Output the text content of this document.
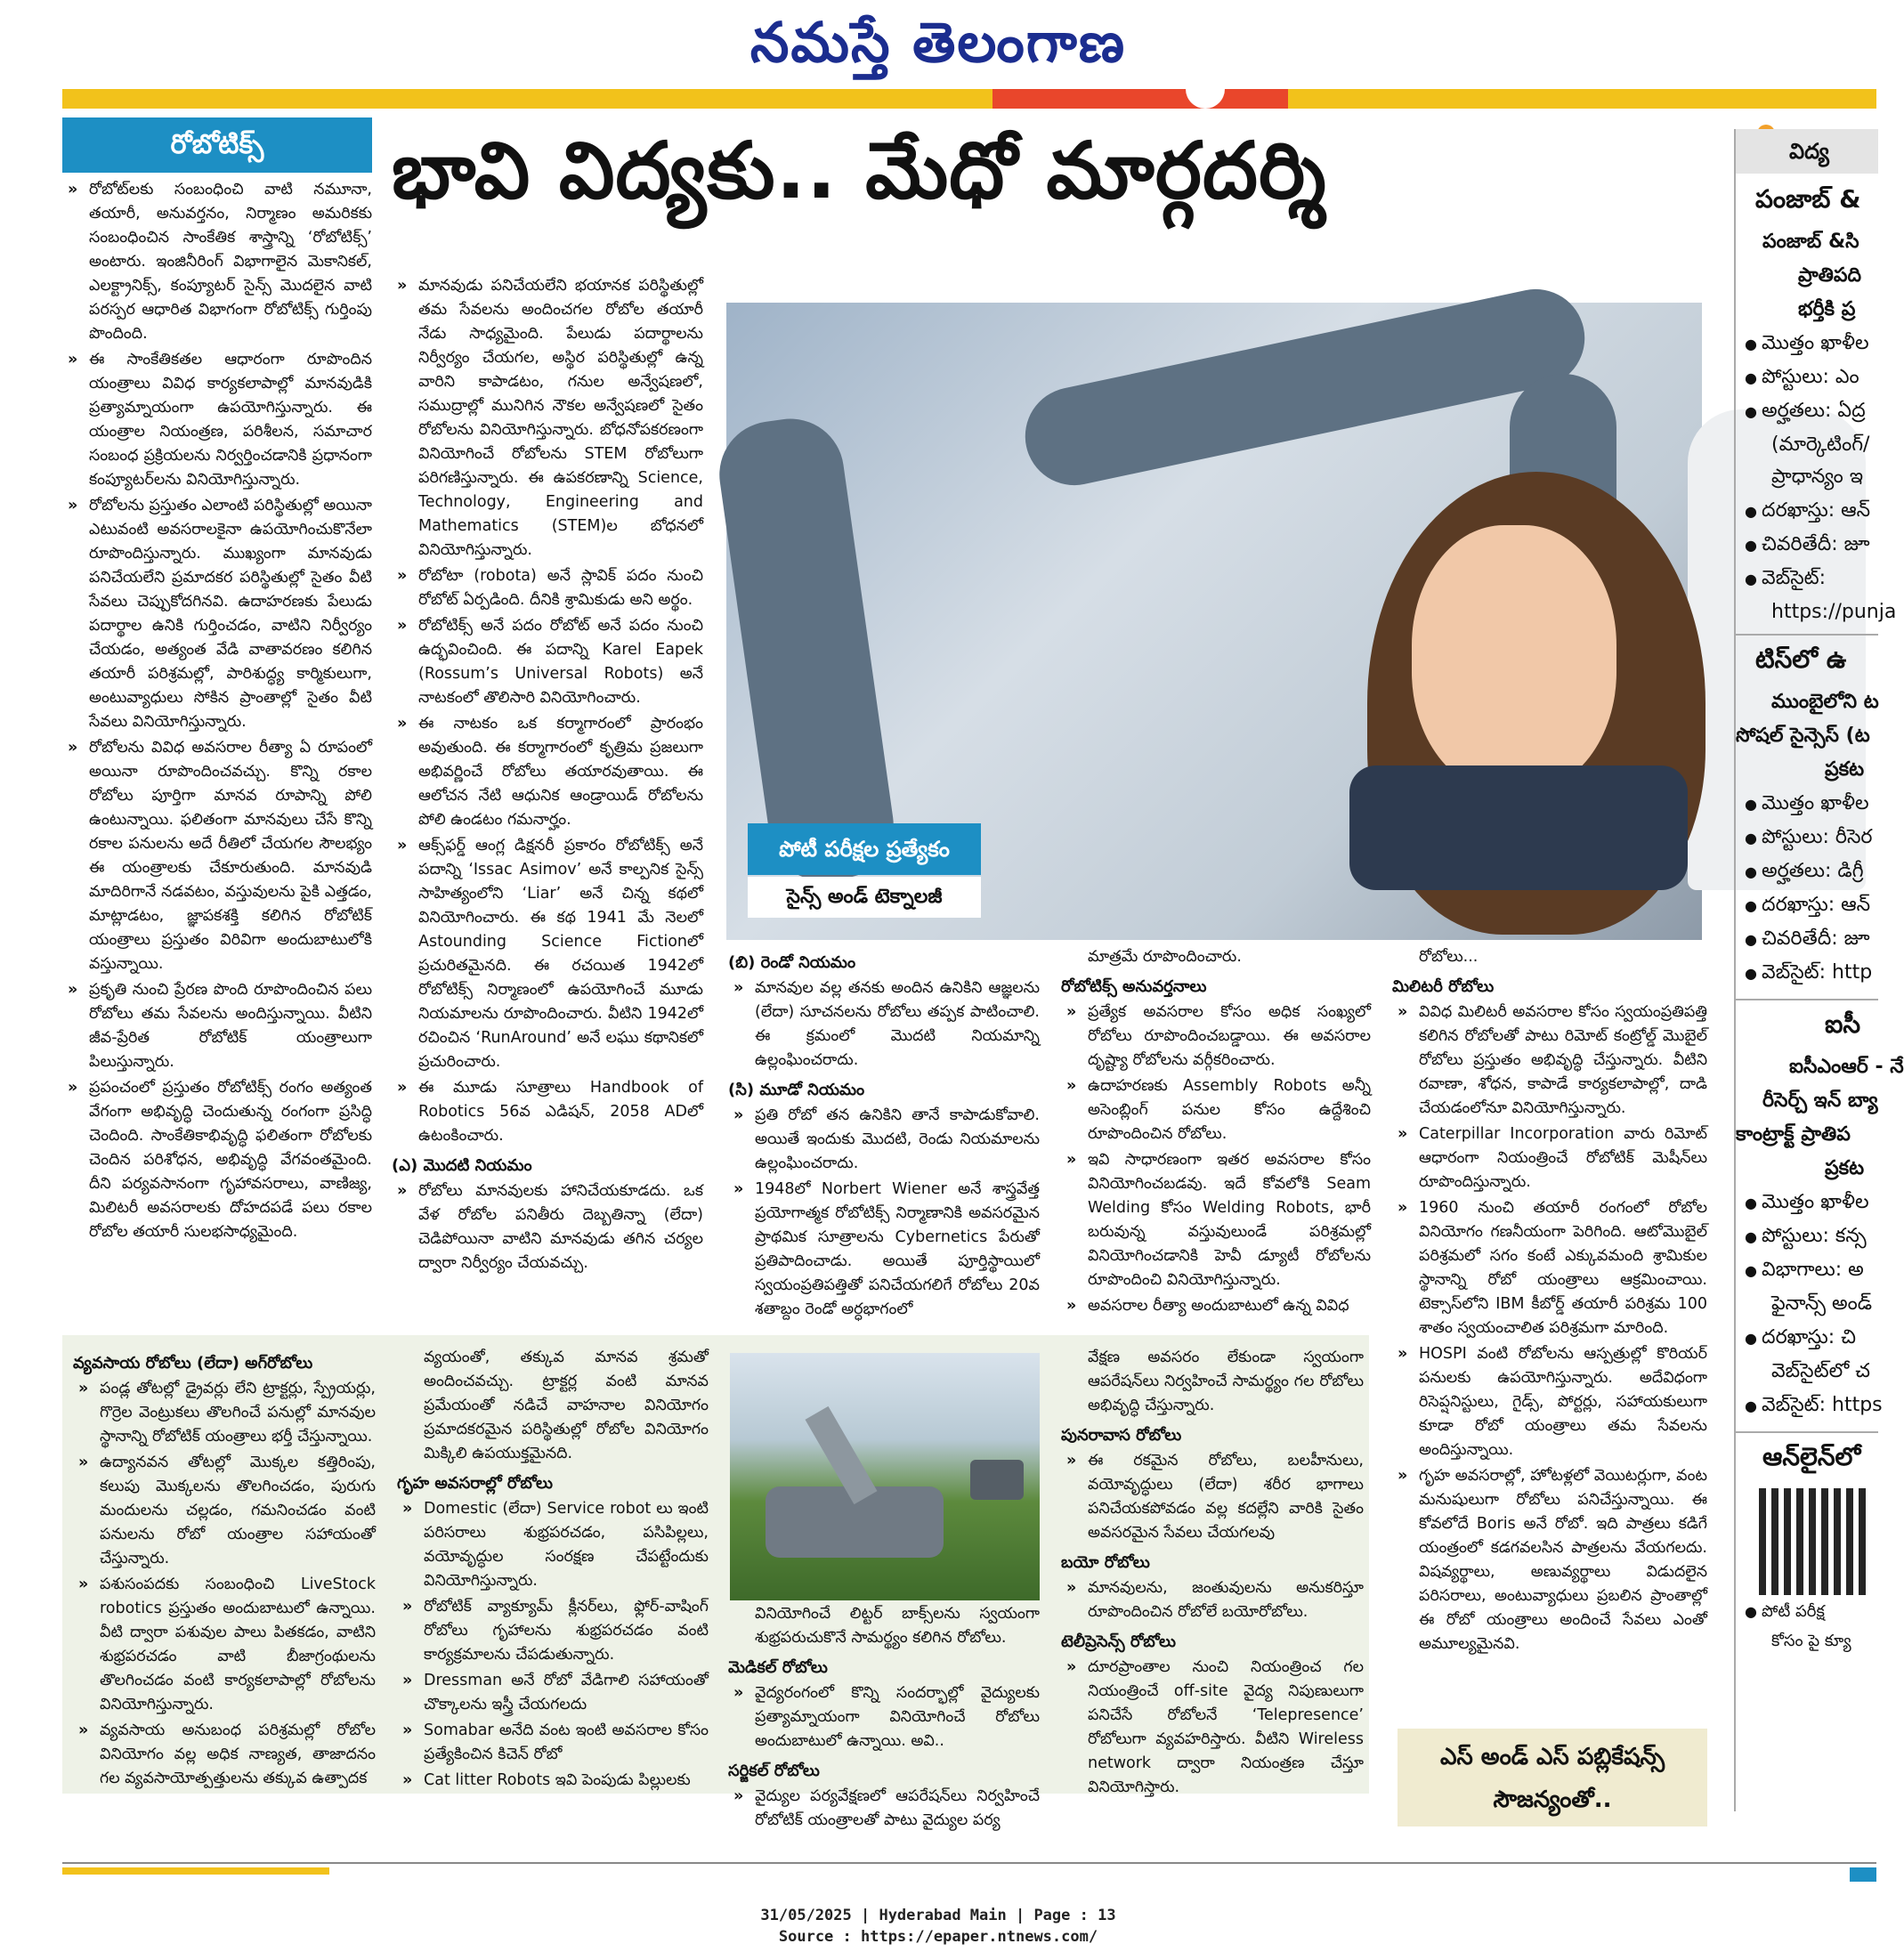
నమస్తే తెలంగాణ
రోబోటిక్స్	భావి విద్యకు.. మేధో మార్గదర్శి
» రోబోట్‌లకు సంబంధించి వాటి నమూనా, తయారీ, అనువర్తనం, నిర్మాణం అమరికకు సంబంధించిన సాంకేతిక శాస్త్రాన్ని ‘రోబోటిక్స్’ అంటారు. ఇంజినీరింగ్ విభాగాలైన మెకానికల్, ఎలక్ట్రానిక్స్, కంప్యూటర్ సైన్స్ మొదలైన వాటి పరస్పర ఆధారిత విభాగంగా రోబోటిక్స్ గుర్తింపు పొందింది.
» ఈ సాంకేతికతల ఆధారంగా రూపొందిన యంత్రాలు వివిధ కార్యకలాపాల్లో మానవుడికి ప్రత్యామ్నాయంగా ఉపయోగిస్తున్నారు. ఈ యంత్రాల నియంత్రణ, పరిశీలన, సమాచార సంబంధ ప్రక్రియలను నిర్వర్తించడానికి ప్రధానంగా కంప్యూటర్‌లను వినియోగిస్తున్నారు.
» రోబోలను ప్రస్తుతం ఎలాంటి పరిస్థితుల్లో అయినా ఎటువంటి అవసరాలకైనా ఉపయోగించుకొనేలా రూపొందిస్తున్నారు. ముఖ్యంగా మానవుడు పనిచేయలేని ప్రమాదకర పరిస్థితుల్లో సైతం వీటి సేవలు చెప్పుకోదగినవి. ఉదాహరణకు పేలుడు పదార్థాల ఉనికి గుర్తించడం, వాటిని నిర్వీర్యం చేయడం, అత్యంత వేడి వాతావరణం కలిగిన తయారీ పరిశ్రమల్లో, పారిశుద్ధ్య కార్మికులుగా, అంటువ్యాధులు సోకిన ప్రాంతాల్లో సైతం వీటి సేవలు వినియోగిస్తున్నారు.
» రోబోలను వివిధ అవసరాల రీత్యా ఏ రూపంలో అయినా రూపొందించవచ్చు. కొన్ని రకాల రోబోలు పూర్తిగా మానవ రూపాన్ని పోలి ఉంటున్నాయి. ఫలితంగా మానవులు చేసే కొన్ని రకాల పనులను అదే రీతిలో చేయగల సౌలభ్యం ఈ యంత్రాలకు చేకూరుతుంది. మానవుడి మాదిరిగానే నడవటం, వస్తువులను పైకి ఎత్తడం, మాట్లాడటం, జ్ఞాపకశక్తి కలిగిన రోబోటిక్ యంత్రాలు ప్రస్తుతం విరివిగా అందుబాటులోకి వస్తున్నాయి.
» ప్రకృతి నుంచి ప్రేరణ పొంది రూపొందించిన పలు రోబోలు తమ సేవలను అందిస్తున్నాయి. వీటిని జీవ-ప్రేరిత రోబోటిక్ యంత్రాలుగా పిలుస్తున్నారు.
» ప్రపంచంలో ప్రస్తుతం రోబోటిక్స్ రంగం అత్యంత వేగంగా అభివృద్ధి చెందుతున్న రంగంగా ప్రసిద్ధి చెందింది. సాంకేతికాభివృద్ధి ఫలితంగా రోబోలకు చెందిన పరిశోధన, అభివృద్ధి వేగవంతమైంది. దీని పర్యవసానంగా గృహావసరాలు, వాణిజ్య, మిలిటరీ అవసరాలకు దోహదపడే పలు రకాల రోబోల తయారీ సులభసాధ్యమైంది.
» మానవుడు పనిచేయలేని భయానక పరిస్థితుల్లో తమ సేవలను అందించగల రోబోల తయారీ నేడు సాధ్యమైంది. పేలుడు పదార్థాలను నిర్వీర్యం చేయగల, అస్థిర పరిస్థితుల్లో ఉన్న వారిని కాపాడటం, గనుల అన్వేషణలో, సముద్రాల్లో మునిగిన నౌకల అన్వేషణలో సైతం రోబోలను వినియోగిస్తున్నారు. బోధనోపకరణంగా వినియోగించే రోబోలను STEM రోబోలుగా పరిగణిస్తున్నారు. ఈ ఉపకరణాన్ని Science, Technology, Engineering and Mathematics (STEM)ల బోధనలో వినియోగిస్తున్నారు.
» రోబోటా (robota) అనే స్లావిక్ పదం నుంచి రోబోట్ ఏర్పడింది. దీనికి శ్రామికుడు అని అర్థం.
» రోబోటిక్స్ అనే పదం రోబోట్ అనే పదం నుంచి ఉద్భవించింది. ఈ పదాన్ని Karel Eapek (Rossum’s Universal Robots) అనే నాటకంలో తొలిసారి వినియోగించారు.
» ఈ నాటకం ఒక కర్మాగారంలో ప్రారంభం అవుతుంది. ఈ కర్మాగారంలో కృత్రిమ ప్రజలుగా అభివర్ణించే రోబోలు తయారవుతాయి. ఈ ఆలోచన నేటి ఆధునిక ఆండ్రాయిడ్ రోబోలను పోలి ఉండటం గమనార్హం.
» ఆక్స్‌ఫర్డ్ ఆంగ్ల డిక్షనరీ ప్రకారం రోబోటిక్స్ అనే పదాన్ని ‘Issac Asimov’ అనే కాల్పనిక సైన్స్ సాహిత్యంలోని ‘Liar’ అనే చిన్న కథలో వినియోగించారు. ఈ కథ 1941 మే నెలలో Astounding Science Fictionలో ప్రచురితమైనది. ఈ రచయిత 1942లో రోబోటిక్స్ నిర్మాణంలో ఉపయోగించే మూడు నియమాలను రూపొందించారు. వీటిని 1942లో రచించిన ‘RunAround’ అనే లఘు కథానికలో ప్రచురించారు.
» ఈ మూడు సూత్రాలు Handbook of Robotics 56వ ఎడిషన్, 2058 ADలో ఉటంకించారు.
(ఎ) మొదటి నియమం
» రోబోలు మానవులకు హానిచేయకూడదు. ఒక వేళ రోబోల పనితీరు దెబ్బతిన్నా (లేదా) చెడిపోయినా వాటిని మానవుడు తగిన చర్యల ద్వారా నిర్వీర్యం చేయవచ్చు.
పోటీ పరీక్షల ప్రత్యేకం
సైన్స్ అండ్ టెక్నాలజీ
(బి) రెండో నియమం
» మానవుల వల్ల తనకు అందిన ఉనికిని ఆజ్ఞలను (లేదా) సూచనలను రోబోలు తప్పక పాటించాలి. ఈ క్రమంలో మొదటి నియమాన్ని ఉల్లంఘించరాదు.
(సి) మూడో నియమం
» ప్రతి రోబో తన ఉనికిని తానే కాపాడుకోవాలి. అయితే ఇందుకు మొదటి, రెండు నియమాలను ఉల్లంఘించరాదు.
» 1948లో Norbert Wiener అనే శాస్త్రవేత్త ప్రయోగాత్మక రోబోటిక్స్ నిర్మాణానికి అవసరమైన ప్రాథమిక సూత్రాలను Cybernetics పేరుతో ప్రతిపాదించాడు. అయితే పూర్తిస్థాయిలో స్వయంప్రతిపత్తితో పనిచేయగలిగే రోబోలు 20వ శతాబ్దం రెండో అర్ధభాగంలో

మాత్రమే రూపొందించారు.

రోబోటిక్స్ అనువర్తనాలు
» ప్రత్యేక అవసరాల కోసం అధిక సంఖ్యలో రోబోలు రూపొందించబడ్డాయి. ఈ అవసరాల దృష్ట్యా రోబోలను వర్గీకరించారు.
» ఉదాహరణకు Assembly Robots అన్నీ అసెంబ్లింగ్ పనుల కోసం ఉద్దేశించి రూపొందించిన రోబోలు.
» ఇవి సాధారణంగా ఇతర అవసరాల కోసం వినియోగించబడవు. ఇదే కోవలోకి Seam Welding కోసం Welding Robots, భారీ బరువున్న వస్తువులుండే పరిశ్రమల్లో వినియోగించడానికి హెవీ డ్యూటీ రోబోలను రూపొందించి వినియోగిస్తున్నారు.
» అవసరాల రీత్యా అందుబాటులో ఉన్న వివిధ

రోబోలు...

మిలిటరీ రోబోలు
» వివిధ మిలిటరీ అవసరాల కోసం స్వయంప్రతిపత్తి కలిగిన రోబోలతో పాటు రిమోట్ కంట్రోల్డ్ మొబైల్ రోబోలు ప్రస్తుతం అభివృద్ధి చేస్తున్నారు. వీటిని రవాణా, శోధన, కాపాడే కార్యకలాపాల్లో, దాడి చేయడంలోనూ వినియోగిస్తున్నారు.
» Caterpillar Incorporation వారు రిమోట్ ఆధారంగా నియంత్రించే రోబోటిక్ మెషీన్‌లు రూపొందిస్తున్నారు.
» 1960 నుంచి తయారీ రంగంలో రోబోల వినియోగం గణనీయంగా పెరిగింది. ఆటోమొబైల్ పరిశ్రమలో సగం కంటే ఎక్కువమంది శ్రామికుల స్థానాన్ని రోబో యంత్రాలు ఆక్రమించాయి. టెక్సాస్‌లోని IBM కీబోర్డ్ తయారీ పరిశ్రమ 100 శాతం స్వయంచాలిత పరిశ్రమగా మారింది.
» HOSPI వంటి రోబోలను ఆస్పత్రుల్లో కొరియర్ పనులకు ఉపయోగిస్తున్నారు. అదేవిధంగా రిసెప్షనిస్టులు, గైడ్స్, పోర్టర్లు, సహాయకులుగా కూడా రోబో యంత్రాలు తమ సేవలను అందిస్తున్నాయి.
» గృహ అవసరాల్లో, హోటళ్లలో వెయిటర్లుగా, వంట మనుషులుగా రోబోలు పనిచేస్తున్నాయి. ఈ కోవలోదే Boris అనే రోబో. ఇది పాత్రలు కడిగే యంత్రంలో కడగవలసిన పాత్రలను వేయగలదు. విషవ్యర్థాలు, అణువ్యర్థాలు విడుదలైన పరిసరాలు, అంటువ్యాధులు ప్రబలిన ప్రాంతాల్లో ఈ రోబో యంత్రాలు అందించే సేవలు ఎంతో అమూల్యమైనవి.
వ్యవసాయ రోబోలు (లేదా) అగ్‌రోబోలు
» పండ్ల తోటల్లో డ్రైవర్లు లేని ట్రాక్టర్లు, స్ప్రేయర్లు, గొర్రెల వెంట్రుకలు తొలగించే పనుల్లో మానవుల స్థానాన్ని రోబోటిక్ యంత్రాలు భర్తీ చేస్తున్నాయి.
» ఉద్యానవన తోటల్లో మొక్కల కత్తిరింపు, కలుపు మొక్కలను తొలగించడం, పురుగు మందులను చల్లడం, గమనించడం వంటి పనులను రోబో యంత్రాల సహాయంతో చేస్తున్నారు.
» పశుసంపదకు సంబంధించి LiveStock robotics ప్రస్తుతం అందుబాటులో ఉన్నాయి. వీటి ద్వారా పశువుల పాలు పితకడం, వాటిని శుభ్రపరచడం వాటి బీజాగ్రంథులను తొలగించడం వంటి కార్యకలాపాల్లో రోబోలను వినియోగిస్తున్నారు.
» వ్యవసాయ అనుబంధ పరిశ్రమల్లో రోబోల వినియోగం వల్ల అధిక నాణ్యత, తాజాదనం గల వ్యవసాయోత్పత్తులను తక్కువ ఉత్పాదక

వ్యయంతో, తక్కువ మానవ శ్రమతో అందించవచ్చు. ట్రాక్టర్ల వంటి మానవ ప్రమేయంతో నడిచే వాహనాల వినియోగం ప్రమాదకరమైన పరిస్థితుల్లో రోబోల వినియోగం మిక్కిలి ఉపయుక్తమైనది.

గృహ అవసరాల్లో రోబోలు
» Domestic (లేదా) Service robot లు ఇంటి పరిసరాలు శుభ్రపరచడం, పసిపిల్లలు, వయోవృద్ధుల సంరక్షణ చేపట్టేందుకు వినియోగిస్తున్నారు.
» రోబోటిక్ వ్యాక్యూమ్ క్లీనర్‌లు, ఫ్లోర్-వాషింగ్ రోబోలు గృహాలను శుభ్రపరచడం వంటి కార్యక్రమాలను చేపడుతున్నారు.
» Dressman అనే రోబో వేడిగాలి సహాయంతో చొక్కాలను ఇస్త్రీ చేయగలదు
» Somabar అనేది వంట ఇంటి అవసరాల కోసం ప్రత్యేకించిన కిచెన్ రోబో
» Cat litter Robots ఇవి పెంపుడు పిల్లులకు

వినియోగించే లిట్టర్ బాక్స్‌లను స్వయంగా శుభ్రపరుచుకొనే సామర్థ్యం కలిగిన రోబోలు.

మెడికల్ రోబోలు
» వైద్యరంగంలో కొన్ని సందర్భాల్లో వైద్యులకు ప్రత్యామ్నాయంగా వినియోగించే రోబోలు అందుబాటులో ఉన్నాయి. అవి..
సర్జికల్ రోబోలు
» వైద్యుల పర్యవేక్షణలో ఆపరేషన్‌లు నిర్వహించే రోబోటిక్ యంత్రాలతో పాటు వైద్యుల పర్య

వేక్షణ అవసరం లేకుండా స్వయంగా ఆపరేషన్‌లు నిర్వహించే సామర్థ్యం గల రోబోలు అభివృద్ధి చేస్తున్నారు.

పునరావాస రోబోలు
» ఈ రకమైన రోబోలు, బలహీనులు, వయోవృద్ధులు (లేదా) శరీర భాగాలు పనిచేయకపోవడం వల్ల కదల్లేని వారికి సైతం అవసరమైన సేవలు చేయగలవు
బయో రోబోలు
» మానవులను, జంతువులను అనుకరిస్తూ రూపొందించిన రోబోలే బయోరోబోలు.
టెలీప్రెసెన్స్ రోబోలు
» దూరప్రాంతాల నుంచి నియంత్రించ గల నియంత్రించే off-site వైద్య నిపుణులుగా పనిచేసే రోబోలనే ‘Telepresence’ రోబోలుగా వ్యవహరిస్తారు. వీటిని Wireless network ద్వారా నియంత్రణ చేస్తూ వినియోగిస్తారు.
ఎస్ అండ్ ఎస్ పబ్లికేషన్స్
సౌజన్యంతో..
విద్య
పంజాబ్ &
పంజాబ్ &సి
ప్రాతిపది
భర్తీకి ప్ర
● మొత్తం ఖాళీల
● పోస్టులు: ఎం
● అర్హతలు: ఏద్ర
(మార్కెటింగ్/
ప్రాధాన్యం ఇ
● దరఖాస్తు: ఆన్
● చివరితేదీ: జూ
● వెబ్‌సైట్:
https://punja
టిస్‌లో ఉ
ముంబైలోని ట
సోషల్ సైన్సెస్ (ట
ప్రకట
● మొత్తం ఖాళీల
● పోస్టులు: రీసెర
● అర్హతలు: డిగ్రీ
● దరఖాస్తు: ఆన్
● చివరితేదీ: జూ
● వెబ్‌సైట్: http
ఐసీ
ఐసీఎంఆర్ - నే
రీసెర్చ్ ఇన్ బ్యా
కాంట్రాక్ట్ ప్రాతిప
ప్రకట
● మొత్తం ఖాళీల
● పోస్టులు: కన్స
● విభాగాలు: అ
ఫైనాన్స్ అండ్
● దరఖాస్తు: చి
వెబ్‌సైట్‌లో చ
● వెబ్‌సైట్: https
ఆన్‌లైన్‌లో
● పోటీ పరీక్ష
కోసం పై క్యూ
31/05/2025 | Hyderabad Main | Page : 13
Source : https://epaper.ntnews.com/
